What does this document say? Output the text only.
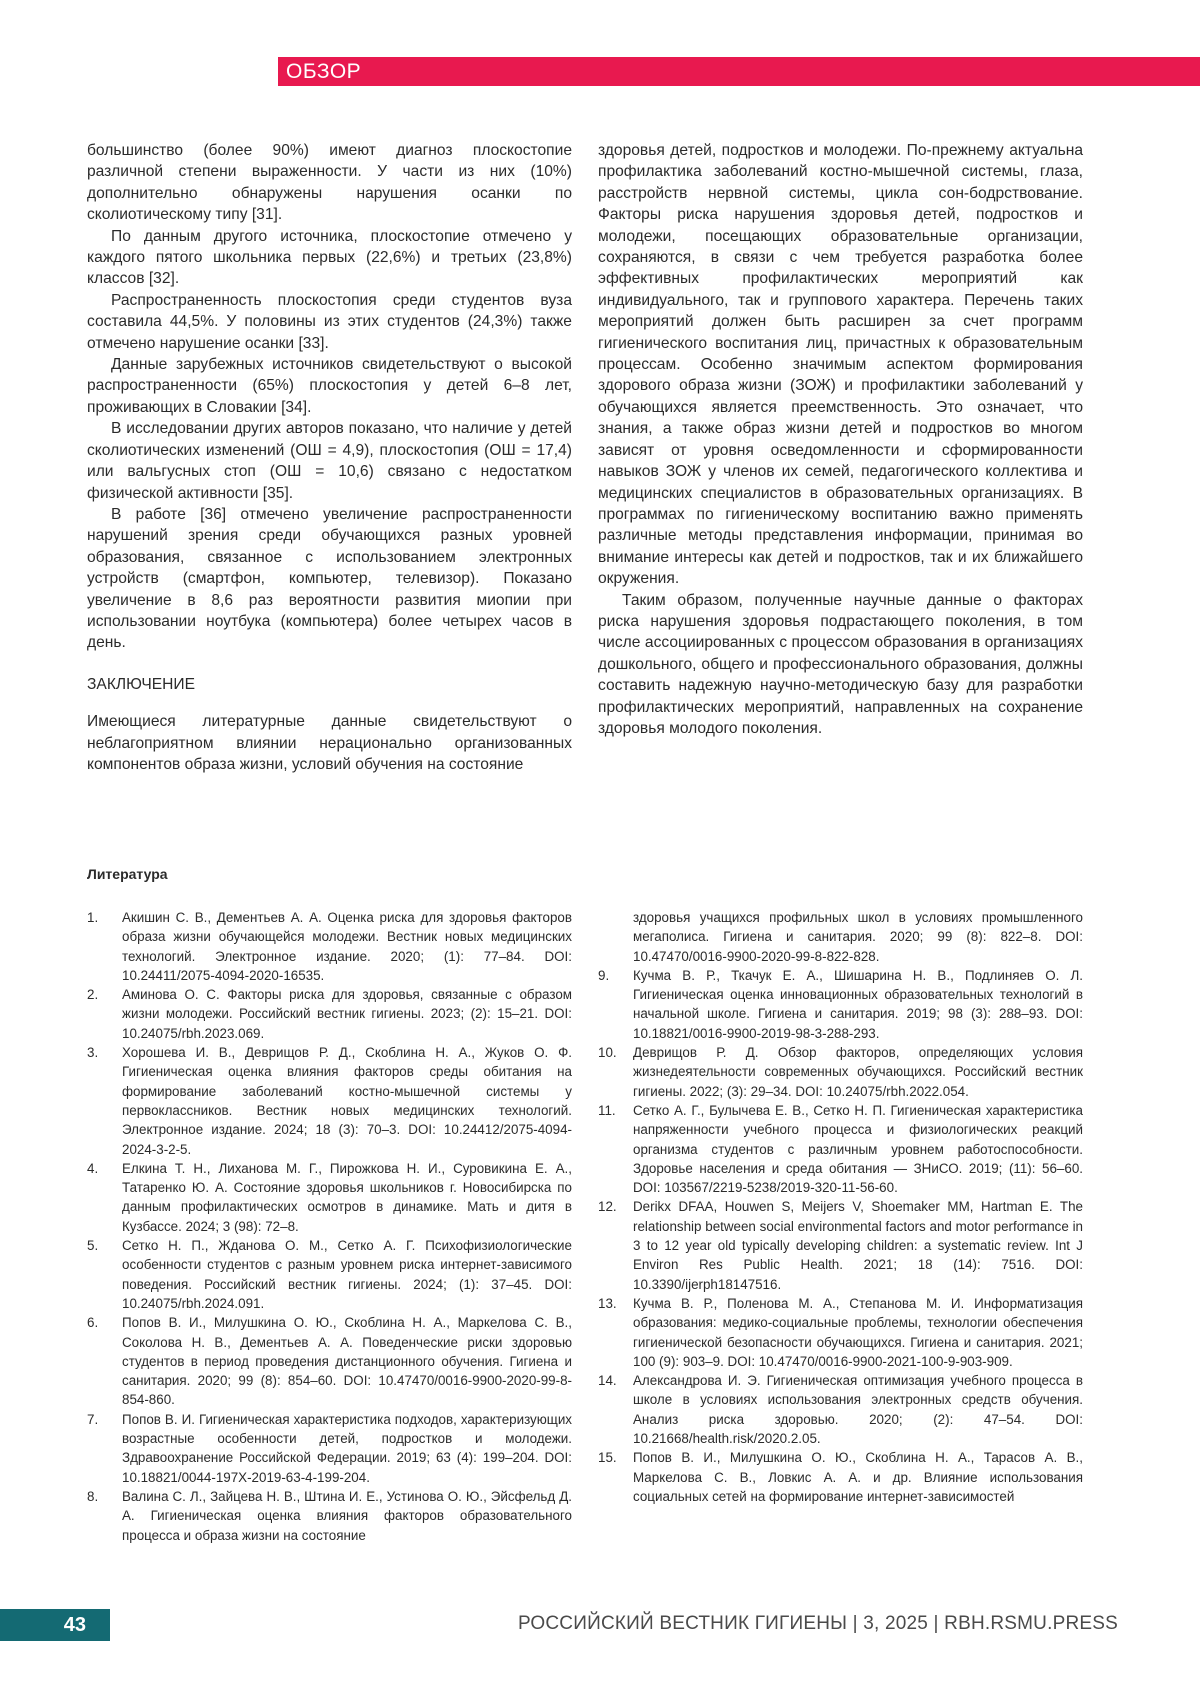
ОБЗОР

большинство (более 90%) имеют диагноз плоскостопие различной степени выраженности. У части из них (10%) дополнительно обнаружены нарушения осанки по сколиотическому типу [31].

По данным другого источника, плоскостопие отмечено у каждого пятого школьника первых (22,6%) и третьих (23,8%) классов [32].

Распространенность плоскостопия среди студентов вуза составила 44,5%. У половины из этих студентов (24,3%) также отмечено нарушение осанки [33].

Данные зарубежных источников свидетельствуют о высокой распространенности (65%) плоскостопия у детей 6–8 лет, проживающих в Словакии [34].

В исследовании других авторов показано, что наличие у детей сколиотических изменений (ОШ = 4,9), плоскостопия (ОШ = 17,4) или вальгусных стоп (ОШ = 10,6) связано с недостатком физической активности [35].

В работе [36] отмечено увеличение распространенности нарушений зрения среди обучающихся разных уровней образования, связанное с использованием электронных устройств (смартфон, компьютер, телевизор). Показано увеличение в 8,6 раз вероятности развития миопии при использовании ноутбука (компьютера) более четырех часов в день.

ЗАКЛЮЧЕНИЕ

Имеющиеся литературные данные свидетельствуют о неблагоприятном влиянии нерационально организованных компонентов образа жизни, условий обучения на состояние

здоровья детей, подростков и молодежи. По-прежнему актуальна профилактика заболеваний костно-мышечной системы, глаза, расстройств нервной системы, цикла сон-бодрствование. Факторы риска нарушения здоровья детей, подростков и молодежи, посещающих образовательные организации, сохраняются, в связи с чем требуется разработка более эффективных профилактических мероприятий как индивидуального, так и группового характера. Перечень таких мероприятий должен быть расширен за счет программ гигиенического воспитания лиц, причастных к образовательным процессам. Особенно значимым аспектом формирования здорового образа жизни (ЗОЖ) и профилактики заболеваний у обучающихся является преемственность. Это означает, что знания, а также образ жизни детей и подростков во многом зависят от уровня осведомленности и сформированности навыков ЗОЖ у членов их семей, педагогического коллектива и медицинских специалистов в образовательных организациях. В программах по гигиеническому воспитанию важно применять различные методы представления информации, принимая во внимание интересы как детей и подростков, так и их ближайшего окружения.

Таким образом, полученные научные данные о факторах риска нарушения здоровья подрастающего поколения, в том числе ассоциированных с процессом образования в организациях дошкольного, общего и профессионального образования, должны составить надежную научно-методическую базу для разработки профилактических мероприятий, направленных на сохранение здоровья молодого поколения.

Литература
1. Акишин С. В., Дементьев А. А. Оценка риска для здоровья факторов образа жизни обучающейся молодежи. Вестник новых медицинских технологий. Электронное издание. 2020; (1): 77–84. DOI: 10.24411/2075-4094-2020-16535.
2. Аминова О. С. Факторы риска для здоровья, связанные с образом жизни молодежи. Российский вестник гигиены. 2023; (2): 15–21. DOI: 10.24075/rbh.2023.069.
3. Хорошева И. В., Деврищов Р. Д., Скоблина Н. А., Жуков О. Ф. Гигиеническая оценка влияния факторов среды обитания на формирование заболеваний костно-мышечной системы у первоклассников. Вестник новых медицинских технологий. Электронное издание. 2024; 18 (3): 70–3. DOI: 10.24412/2075-4094-2024-3-2-5.
4. Елкина Т. Н., Лиханова М. Г., Пирожкова Н. И., Суровикина Е. А., Татаренко Ю. А. Состояние здоровья школьников г. Новосибирска по данным профилактических осмотров в динамике. Мать и дитя в Кузбассе. 2024; 3 (98): 72–8.
5. Сетко Н. П., Жданова О. М., Сетко А. Г. Психофизиологические особенности студентов с разным уровнем риска интернет-зависимого поведения. Российский вестник гигиены. 2024; (1): 37–45. DOI: 10.24075/rbh.2024.091.
6. Попов В. И., Милушкина О. Ю., Скоблина Н. А., Маркелова С. В., Соколова Н. В., Дементьев А. А. Поведенческие риски здоровью студентов в период проведения дистанционного обучения. Гигиена и санитария. 2020; 99 (8): 854–60. DOI: 10.47470/0016-9900-2020-99-8-854-860.
7. Попов В. И. Гигиеническая характеристика подходов, характеризующих возрастные особенности детей, подростков и молодежи. Здравоохранение Российской Федерации. 2019; 63 (4): 199–204. DOI: 10.18821/0044-197X-2019-63-4-199-204.
8. Валина С. Л., Зайцева Н. В., Штина И. Е., Устинова О. Ю., Эйсфельд Д. А. Гигиеническая оценка влияния факторов образовательного процесса и образа жизни на состояние
здоровья учащихся профильных школ в условиях промышленного мегаполиса. Гигиена и санитария. 2020; 99 (8): 822–8. DOI: 10.47470/0016-9900-2020-99-8-822-828.
9. Кучма В. Р., Ткачук Е. А., Шишарина Н. В., Подлиняев О. Л. Гигиеническая оценка инновационных образовательных технологий в начальной школе. Гигиена и санитария. 2019; 98 (3): 288–93. DOI: 10.18821/0016-9900-2019-98-3-288-293.
10. Деврищов Р. Д. Обзор факторов, определяющих условия жизнедеятельности современных обучающихся. Российский вестник гигиены. 2022; (3): 29–34. DOI: 10.24075/rbh.2022.054.
11. Сетко А. Г., Булычева Е. В., Сетко Н. П. Гигиеническая характеристика напряженности учебного процесса и физиологических реакций организма студентов с различным уровнем работоспособности. Здоровье населения и среда обитания — ЗНиСО. 2019; (11): 56–60. DOI: 103567/2219-5238/2019-320-11-56-60.
12. Derikx DFAA, Houwen S, Meijers V, Shoemaker MM, Hartman E. The relationship between social environmental factors and motor performance in 3 to 12 year old typically developing children: a systematic review. Int J Environ Res Public Health. 2021; 18 (14): 7516. DOI: 10.3390/ijerph18147516.
13. Кучма В. Р., Поленова М. А., Степанова М. И. Информатизация образования: медико-социальные проблемы, технологии обеспечения гигиенической безопасности обучающихся. Гигиена и санитария. 2021; 100 (9): 903–9. DOI: 10.47470/0016-9900-2021-100-9-903-909.
14. Александрова И. Э. Гигиеническая оптимизация учебного процесса в школе в условиях использования электронных средств обучения. Анализ риска здоровью. 2020; (2): 47–54. DOI: 10.21668/health.risk/2020.2.05.
15. Попов В. И., Милушкина О. Ю., Скоблина Н. А., Тарасов А. В., Маркелова С. В., Ловкис А. А. и др. Влияние использования социальных сетей на формирование интернет-зависимостей
43	РОССИЙСКИЙ ВЕСТНИК ГИГИЕНЫ | 3, 2025 | RBH.RSMU.PRESS
